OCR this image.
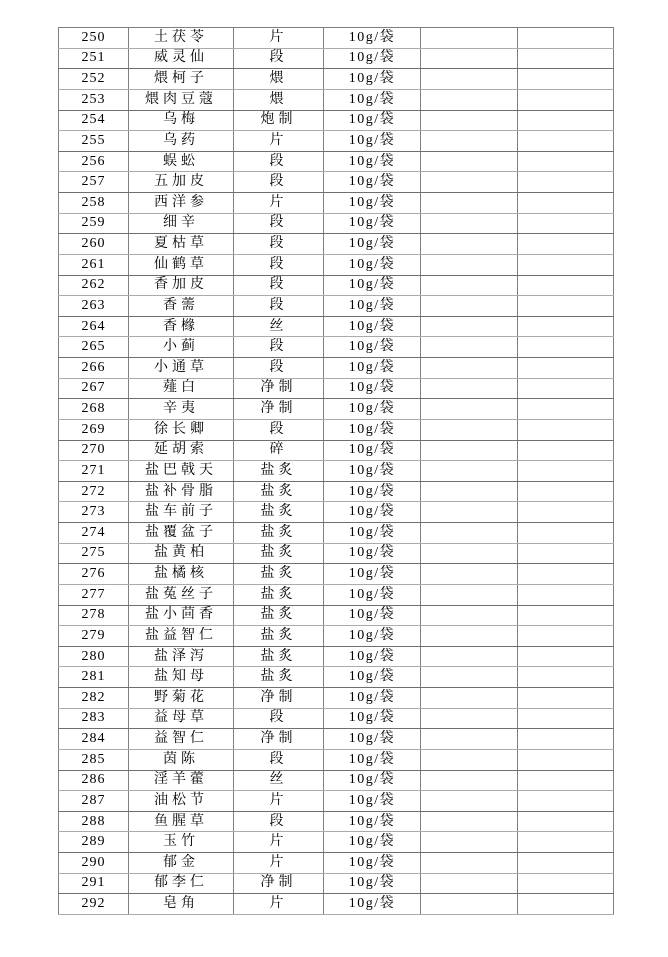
250	土茯苓	片	10g/袋		
251	威灵仙	段	10g/袋		
252	煨柯子	煨	10g/袋		
253	煨肉豆蔻	煨	10g/袋		
254	乌梅	炮制	10g/袋		
255	乌药	片	10g/袋		
256	蜈蚣	段	10g/袋		
257	五加皮	段	10g/袋		
258	西洋参	片	10g/袋		
259	细辛	段	10g/袋		
260	夏枯草	段	10g/袋		
261	仙鹤草	段	10g/袋		
262	香加皮	段	10g/袋		
263	香薷	段	10g/袋		
264	香橼	丝	10g/袋		
265	小蓟	段	10g/袋		
266	小通草	段	10g/袋		
267	薤白	净制	10g/袋		
268	辛夷	净制	10g/袋		
269	徐长卿	段	10g/袋		
270	延胡索	碎	10g/袋		
271	盐巴戟天	盐炙	10g/袋		
272	盐补骨脂	盐炙	10g/袋		
273	盐车前子	盐炙	10g/袋		
274	盐覆盆子	盐炙	10g/袋		
275	盐黄柏	盐炙	10g/袋		
276	盐橘核	盐炙	10g/袋		
277	盐菟丝子	盐炙	10g/袋		
278	盐小茴香	盐炙	10g/袋		
279	盐益智仁	盐炙	10g/袋		
280	盐泽泻	盐炙	10g/袋		
281	盐知母	盐炙	10g/袋		
282	野菊花	净制	10g/袋		
283	益母草	段	10g/袋		
284	益智仁	净制	10g/袋		
285	茵陈	段	10g/袋		
286	淫羊藿	丝	10g/袋		
287	油松节	片	10g/袋		
288	鱼腥草	段	10g/袋		
289	玉竹	片	10g/袋		
290	郁金	片	10g/袋		
291	郁李仁	净制	10g/袋		
292	皂角	片	10g/袋		
